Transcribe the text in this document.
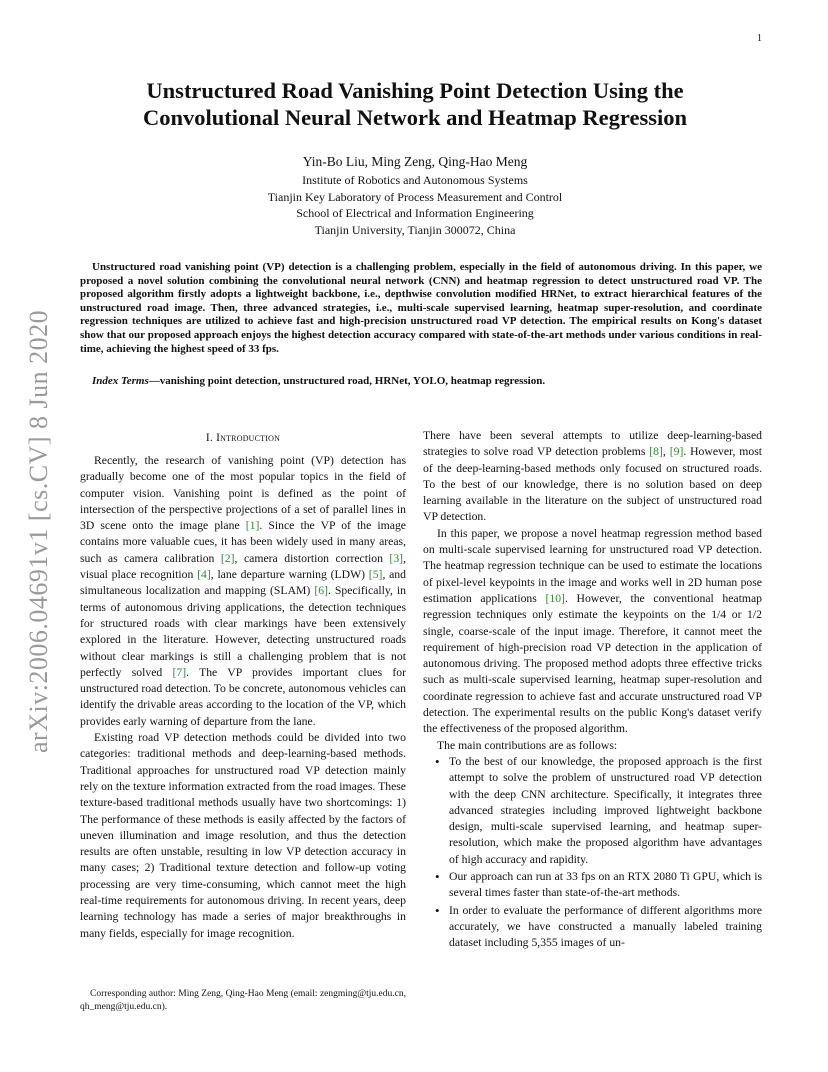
1
arXiv:2006.04691v1 [cs.CV] 8 Jun 2020
Unstructured Road Vanishing Point Detection Using the Convolutional Neural Network and Heatmap Regression
Yin-Bo Liu, Ming Zeng, Qing-Hao Meng
Institute of Robotics and Autonomous Systems
Tianjin Key Laboratory of Process Measurement and Control
School of Electrical and Information Engineering
Tianjin University, Tianjin 300072, China
Unstructured road vanishing point (VP) detection is a challenging problem, especially in the field of autonomous driving. In this paper, we proposed a novel solution combining the convolutional neural network (CNN) and heatmap regression to detect unstructured road VP. The proposed algorithm firstly adopts a lightweight backbone, i.e., depthwise convolution modified HRNet, to extract hierarchical features of the unstructured road image. Then, three advanced strategies, i.e., multi-scale supervised learning, heatmap super-resolution, and coordinate regression techniques are utilized to achieve fast and high-precision unstructured road VP detection. The empirical results on Kong's dataset show that our proposed approach enjoys the highest detection accuracy compared with state-of-the-art methods under various conditions in real-time, achieving the highest speed of 33 fps.
Index Terms—vanishing point detection, unstructured road, HRNet, YOLO, heatmap regression.
I. Introduction

Recently, the research of vanishing point (VP) detection has gradually become one of the most popular topics in the field of computer vision. Vanishing point is defined as the point of intersection of the perspective projections of a set of parallel lines in 3D scene onto the image plane [1]. Since the VP of the image contains more valuable cues, it has been widely used in many areas, such as camera calibration [2], camera distortion correction [3], visual place recognition [4], lane departure warning (LDW) [5], and simultaneous localization and mapping (SLAM) [6]. Specifically, in terms of autonomous driving applications, the detection techniques for structured roads with clear markings have been extensively explored in the literature. However, detecting unstructured roads without clear markings is still a challenging problem that is not perfectly solved [7]. The VP provides important clues for unstructured road detection. To be concrete, autonomous vehicles can identify the drivable areas according to the location of the VP, which provides early warning of departure from the lane.

Existing road VP detection methods could be divided into two categories: traditional methods and deep-learning-based methods. Traditional approaches for unstructured road VP detection mainly rely on the texture information extracted from the road images. These texture-based traditional methods usually have two shortcomings: 1) The performance of these methods is easily affected by the factors of uneven illumination and image resolution, and thus the detection results are often unstable, resulting in low VP detection accuracy in many cases; 2) Traditional texture detection and follow-up voting processing are very time-consuming, which cannot meet the high real-time requirements for autonomous driving. In recent years, deep learning technology has made a series of major breakthroughs in many fields, especially for image recognition.

There have been several attempts to utilize deep-learning-based strategies to solve road VP detection problems [8], [9]. However, most of the deep-learning-based methods only focused on structured roads. To the best of our knowledge, there is no solution based on deep learning available in the literature on the subject of unstructured road VP detection.

In this paper, we propose a novel heatmap regression method based on multi-scale supervised learning for unstructured road VP detection. The heatmap regression technique can be used to estimate the locations of pixel-level keypoints in the image and works well in 2D human pose estimation applications [10]. However, the conventional heatmap regression techniques only estimate the keypoints on the 1/4 or 1/2 single, coarse-scale of the input image. Therefore, it cannot meet the requirement of high-precision road VP detection in the application of autonomous driving. The proposed method adopts three effective tricks such as multi-scale supervised learning, heatmap super-resolution and coordinate regression to achieve fast and accurate unstructured road VP detection. The experimental results on the public Kong's dataset verify the effectiveness of the proposed algorithm.

The main contributions are as follows:

• To the best of our knowledge, the proposed approach is the first attempt to solve the problem of unstructured road VP detection with the deep CNN architecture. Specifically, it integrates three advanced strategies including improved lightweight backbone design, multi-scale supervised learning, and heatmap super-resolution, which make the proposed algorithm have advantages of high accuracy and rapidity.
• Our approach can run at 33 fps on an RTX 2080 Ti GPU, which is several times faster than state-of-the-art methods.
• In order to evaluate the performance of different algorithms more accurately, we have constructed a manually labeled training dataset including 5,355 images of un-
Corresponding author: Ming Zeng, Qing-Hao Meng (email: zengming@tju.edu.cn, qh_meng@tju.edu.cn).
